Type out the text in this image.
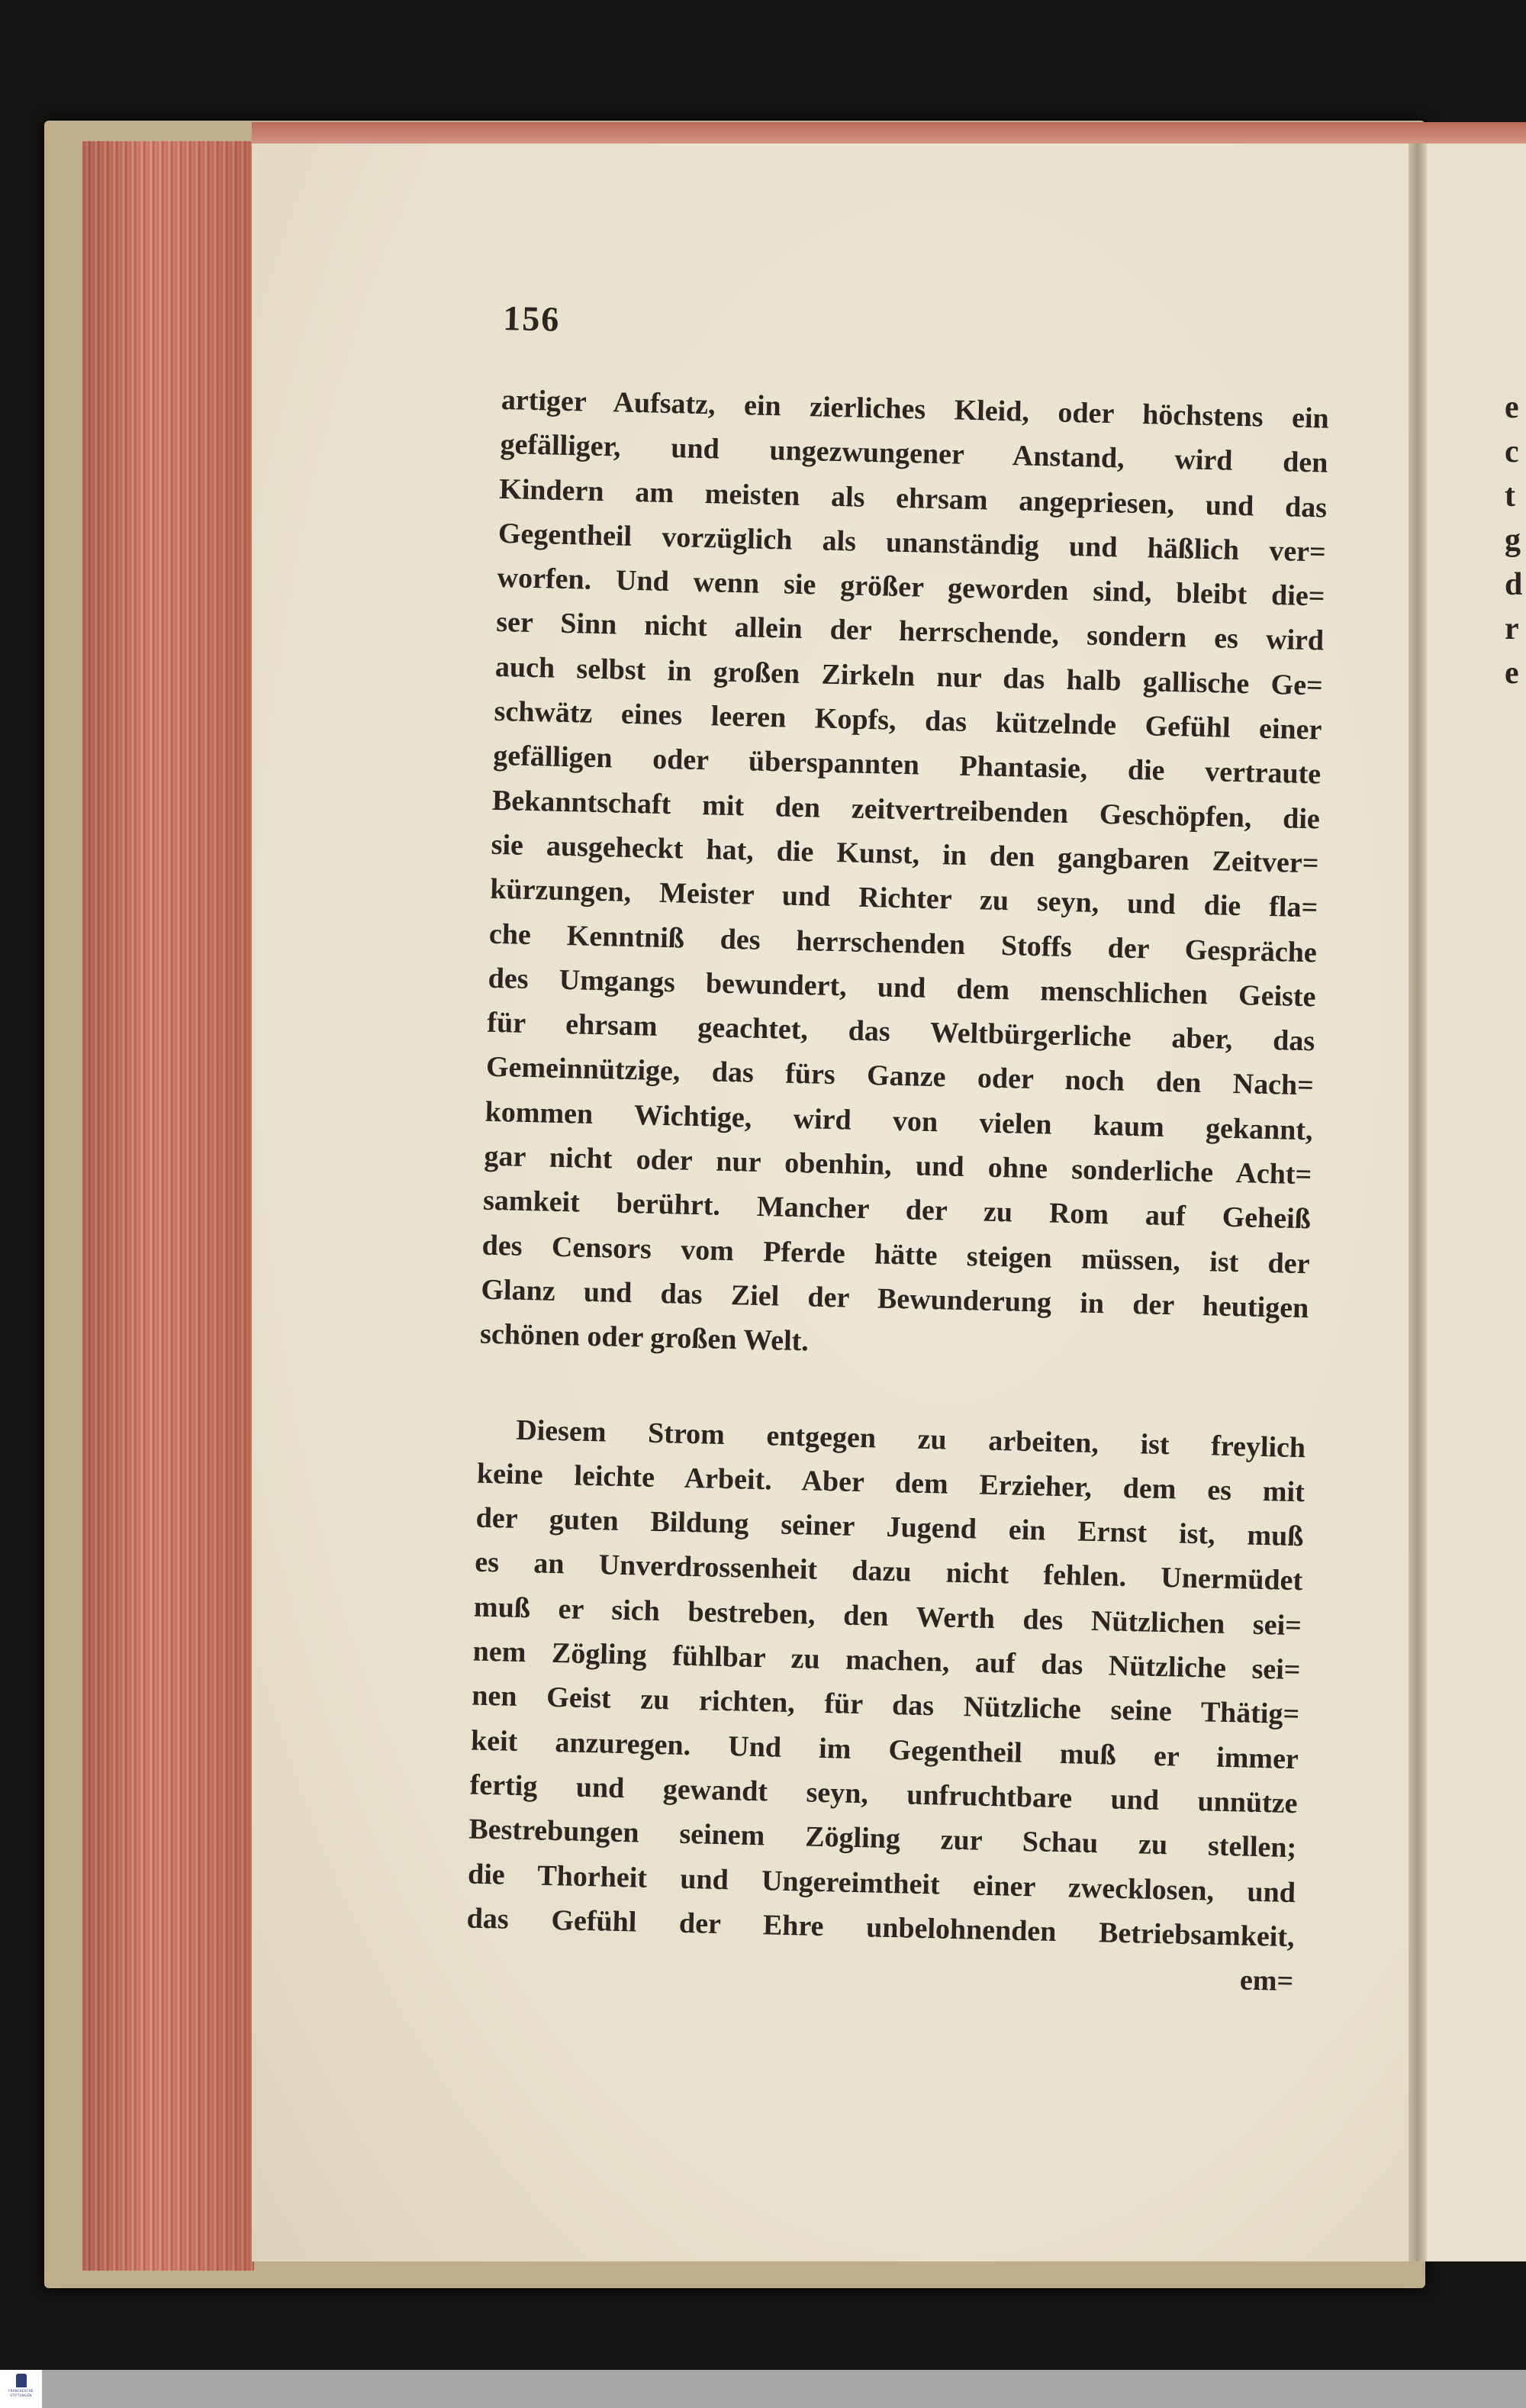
e
c
t
g
d
r
e
156
artiger Aufsatz, ein zierliches Kleid, oder höchstens ein
gefälliger, und ungezwungener Anstand, wird den
Kindern am meisten als ehrsam angepriesen, und das
Gegentheil vorzüglich als unanständig und häßlich ver=
worfen. Und wenn sie größer geworden sind, bleibt die=
ser Sinn nicht allein der herrschende, sondern es wird
auch selbst in großen Zirkeln nur das halb gallische Ge=
schwätz eines leeren Kopfs, das kützelnde Gefühl einer
gefälligen oder überspannten Phantasie, die vertraute
Bekanntschaft mit den zeitvertreibenden Geschöpfen, die
sie ausgeheckt hat, die Kunst, in den gangbaren Zeitver=
kürzungen, Meister und Richter zu seyn, und die fla=
che Kenntniß des herrschenden Stoffs der Gespräche
des Umgangs bewundert, und dem menschlichen Geiste
für ehrsam geachtet, das Weltbürgerliche aber, das
Gemeinnützige, das fürs Ganze oder noch den Nach=
kommen Wichtige, wird von vielen kaum gekannt,
gar nicht oder nur obenhin, und ohne sonderliche Acht=
samkeit berührt. Mancher der zu Rom auf Geheiß
des Censors vom Pferde hätte steigen müssen, ist der
Glanz und das Ziel der Bewunderung in der heutigen
schönen oder großen Welt.
Diesem Strom entgegen zu arbeiten, ist freylich
keine leichte Arbeit. Aber dem Erzieher, dem es mit
der guten Bildung seiner Jugend ein Ernst ist, muß
es an Unverdrossenheit dazu nicht fehlen. Unermüdet
muß er sich bestreben, den Werth des Nützlichen sei=
nem Zögling fühlbar zu machen, auf das Nützliche sei=
nen Geist zu richten, für das Nützliche seine Thätig=
keit anzuregen. Und im Gegentheil muß er immer
fertig und gewandt seyn, unfruchtbare und unnütze
Bestrebungen seinem Zögling zur Schau zu stellen;
die Thorheit und Ungereimtheit einer zwecklosen, und
das Gefühl der Ehre unbelohnenden Betriebsamkeit,
em=
FRANCKESCHE STIFTUNGEN
